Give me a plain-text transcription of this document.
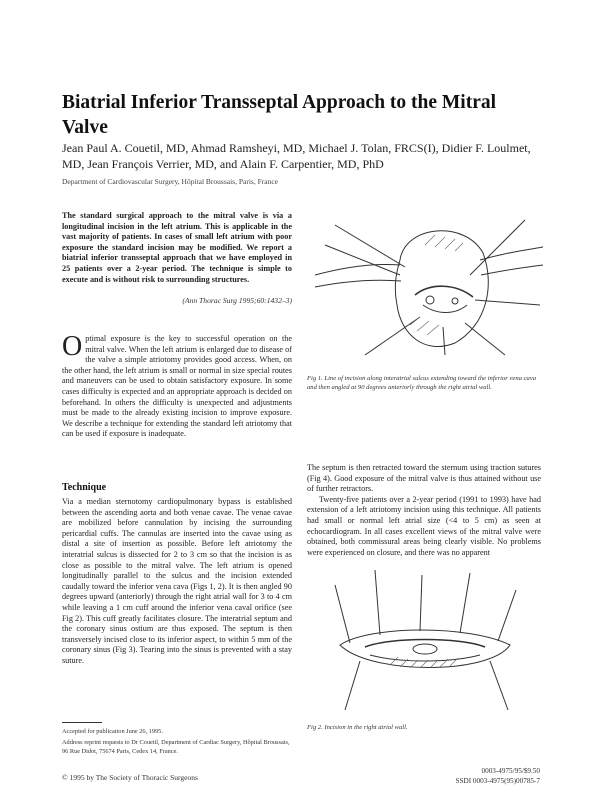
Biatrial Inferior Transseptal Approach to the Mitral Valve
Jean Paul A. Couetil, MD, Ahmad Ramsheyi, MD, Michael J. Tolan, FRCS(I), Didier F. Loulmet, MD, Jean François Verrier, MD, and Alain F. Carpentier, MD, PhD
Department of Cardiovascular Surgery, Hôpital Broussais, Paris, France
The standard surgical approach to the mitral valve is via a longitudinal incision in the left atrium. This is applicable in the vast majority of patients. In cases of small left atrium with poor exposure the standard incision may be modified. We report a biatrial inferior transseptal approach that we have employed in 25 patients over a 2-year period. The technique is simple to execute and is without risk to surrounding structures.
(Ann Thorac Surg 1995;60:1432–3)
Optimal exposure is the key to successful operation on the mitral valve. When the left atrium is enlarged due to disease of the valve a simple atriotomy provides good access. When, on the other hand, the left atrium is small or normal in size special routes and maneuvers can be used to obtain satisfactory exposure. In some cases difficulty is expected and an appropriate approach is decided on beforehand. In others the difficulty is unexpected and adjustments must be made to the already existing incision to improve exposure. We describe a technique for extending the standard left atriotomy that can be used if exposure is inadequate.
Technique
Via a median sternotomy cardiopulmonary bypass is established between the ascending aorta and both venae cavae. The venae cavae are mobilized before cannulation by incising the surrounding pericardial cuffs. The cannulas are inserted into the cavae using as distal a site of insertion as possible. Before left atriotomy the interatrial sulcus is dissected for 2 to 3 cm so that the incision is as close as possible to the mitral valve. The left atrium is opened longitudinally parallel to the sulcus and the incision extended caudally toward the inferior vena cava (Figs 1, 2). It is then angled 90 degrees upward (anteriorly) through the right atrial wall for 3 to 4 cm while leaving a 1 cm cuff around the inferior vena caval orifice (see Fig 2). This cuff greatly facilitates closure. The interatrial septum and the coronary sinus ostium are thus exposed. The septum is then transversely incised close to its inferior aspect, to within 5 mm of the coronary sinus (Fig 3). Tearing into the sinus is prevented with a stay suture.

Accepted for publication June 26, 1995.

Address reprint requests to Dr Couetil, Department of Cardiac Surgery, Hôpital Broussais, 96 Rue Didot, 75674 Paris, Cedex 14, France.

© 1995 by The Society of Thoracic Surgeons
0003-4975/95/$9.50
SSDI 0003-4975(95)00785-7
Fig 1. Line of incision along interatrial sulcus extending toward the inferior vena cava and then angled at 90 degrees anteriorly through the right atrial wall.

The septum is then retracted toward the sternum using traction sutures (Fig 4). Good exposure of the mitral valve is thus attained without use of further retractors.

Twenty-five patients over a 2-year period (1991 to 1993) have had extension of a left atriotomy incision using this technique. All patients had small or normal left atrial size (<4 to 5 cm) as seen at echocardiogram. In all cases excellent views of the mitral valve were obtained, both commissural areas being clearly visible. No problems were experienced on closure, and there was no apparent

Fig 2. Incision in the right atrial wall.
